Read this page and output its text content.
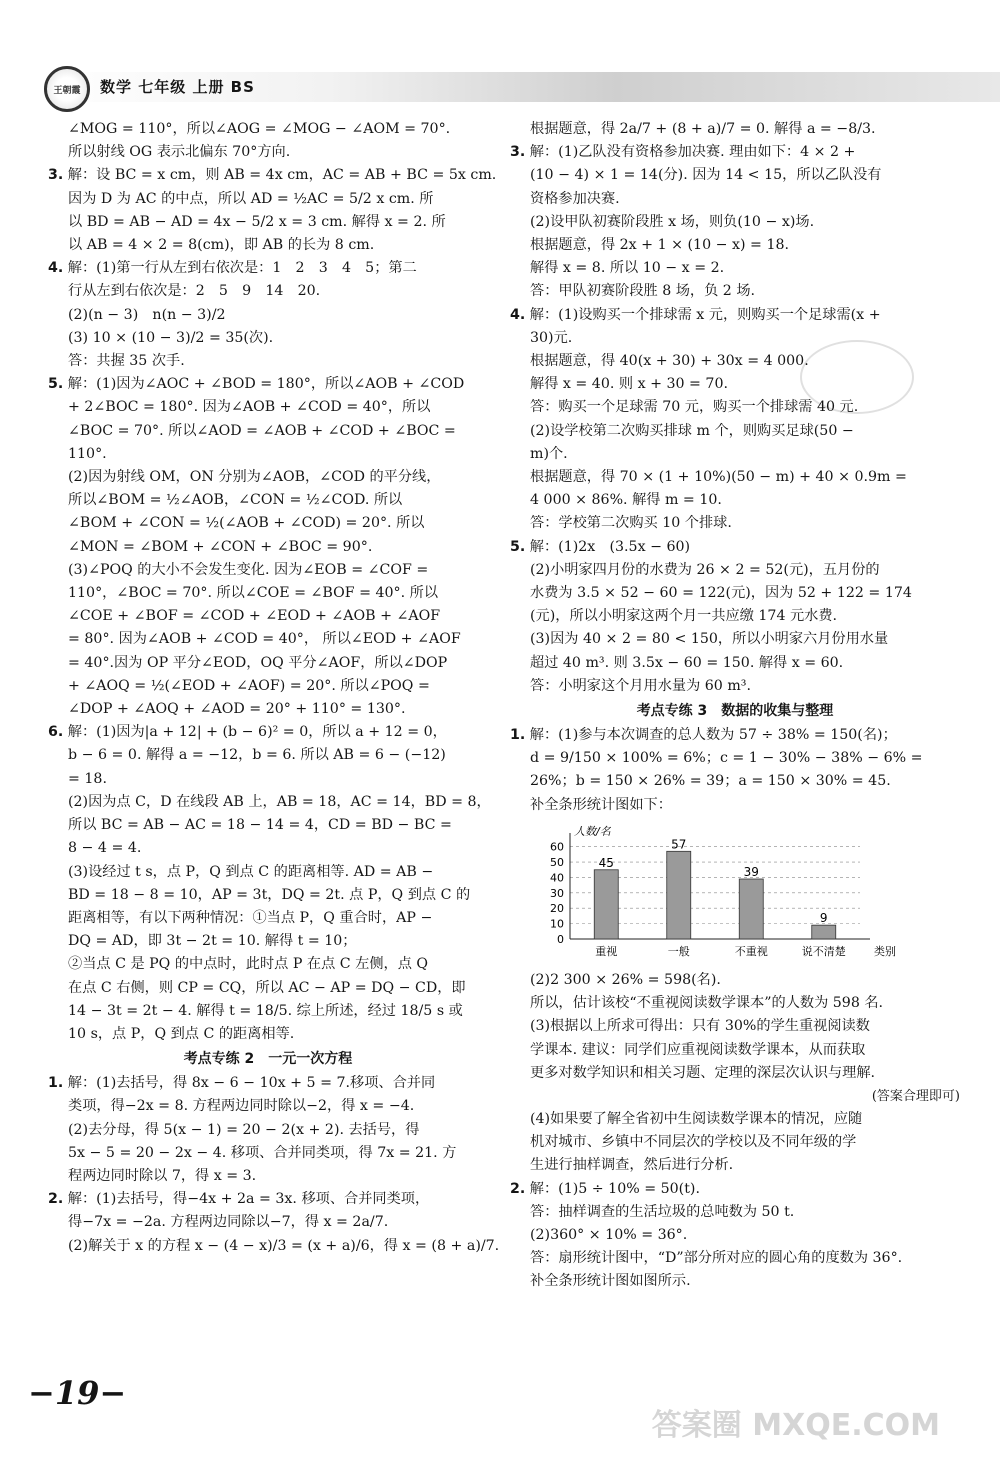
王朝霞 数学 七年级 上册 BS
∠MOG = 110°，所以∠AOG = ∠MOG − ∠AOM = 70°.
所以射线 OG 表示北偏东 70°方向.
3. 解：设 BC = x cm，则 AB = 4x cm，AC = AB + BC = 5x cm.
因为 D 为 AC 的中点，所以 AD = ½AC = 5/2 x cm. 所
以 BD = AB − AD = 4x − 5/2 x = 3 cm. 解得 x = 2. 所
以 AB = 4 × 2 = 8(cm)，即 AB 的长为 8 cm.
4. 解：(1)第一行从左到右依次是：1　2　3　4　5；第二
行从左到右依次是：2　5　9　14　20.
(2)(n − 3)　n(n − 3)/2
(3) 10 × (10 − 3)/2 = 35(次).
答：共握 35 次手.
5. 解：(1)因为∠AOC + ∠BOD = 180°，所以∠AOB + ∠COD
+ 2∠BOC = 180°. 因为∠AOB + ∠COD = 40°，所以
∠BOC = 70°. 所以∠AOD = ∠AOB + ∠COD + ∠BOC =
110°.
(2)因为射线 OM，ON 分别为∠AOB，∠COD 的平分线，
所以∠BOM = ½∠AOB，∠CON = ½∠COD. 所以
∠BOM + ∠CON = ½(∠AOB + ∠COD) = 20°. 所以
∠MON = ∠BOM + ∠CON + ∠BOC = 90°.
(3)∠POQ 的大小不会发生变化. 因为∠EOB = ∠COF =
110°，∠BOC = 70°. 所以∠COE = ∠BOF = 40°. 所以
∠COE + ∠BOF = ∠COD + ∠EOD + ∠AOB + ∠AOF
= 80°. 因为∠AOB + ∠COD = 40°， 所以∠EOD + ∠AOF
= 40°.因为 OP 平分∠EOD，OQ 平分∠AOF，所以∠DOP
+ ∠AOQ = ½(∠EOD + ∠AOF) = 20°. 所以∠POQ =
∠DOP + ∠AOQ + ∠AOD = 20° + 110° = 130°.
6. 解：(1)因为|a + 12| + (b − 6)² = 0，所以 a + 12 = 0，
b − 6 = 0. 解得 a = −12，b = 6. 所以 AB = 6 − (−12)
= 18.
(2)因为点 C，D 在线段 AB 上，AB = 18，AC = 14，BD = 8，
所以 BC = AB − AC = 18 − 14 = 4，CD = BD − BC =
8 − 4 = 4.
(3)设经过 t s，点 P，Q 到点 C 的距离相等. AD = AB −
BD = 18 − 8 = 10，AP = 3t，DQ = 2t. 点 P，Q 到点 C 的
距离相等，有以下两种情况：①当点 P，Q 重合时，AP −
DQ = AD，即 3t − 2t = 10. 解得 t = 10；
②当点 C 是 PQ 的中点时，此时点 P 在点 C 左侧，点 Q
在点 C 右侧，则 CP = CQ，所以 AC − AP = DQ − CD，即
14 − 3t = 2t − 4. 解得 t = 18/5. 综上所述，经过 18/5 s 或
10 s，点 P，Q 到点 C 的距离相等.
考点专练 2　一元一次方程
1. 解：(1)去括号，得 8x − 6 − 10x + 5 = 7.移项、合并同
类项，得−2x = 8. 方程两边同时除以−2，得 x = −4.
(2)去分母，得 5(x − 1) = 20 − 2(x + 2). 去括号，得
5x − 5 = 20 − 2x − 4. 移项、合并同类项，得 7x = 21. 方
程两边同时除以 7，得 x = 3.
2. 解：(1)去括号，得−4x + 2a = 3x. 移项、合并同类项，
得−7x = −2a. 方程两边同除以−7，得 x = 2a/7.
(2)解关于 x 的方程 x − (4 − x)/3 = (x + a)/6，得 x = (8 + a)/7.
根据题意，得 2a/7 + (8 + a)/7 = 0. 解得 a = −8/3.
3. 解：(1)乙队没有资格参加决赛. 理由如下：4 × 2 +
(10 − 4) × 1 = 14(分). 因为 14 < 15，所以乙队没有
资格参加决赛.
(2)设甲队初赛阶段胜 x 场，则负(10 − x)场.
根据题意，得 2x + 1 × (10 − x) = 18.
解得 x = 8. 所以 10 − x = 2.
答：甲队初赛阶段胜 8 场，负 2 场.
4. 解：(1)设购买一个排球需 x 元，则购买一个足球需(x +
30)元.
根据题意，得 40(x + 30) + 30x = 4 000.
解得 x = 40. 则 x + 30 = 70.
答：购买一个足球需 70 元，购买一个排球需 40 元.
(2)设学校第二次购买排球 m 个，则购买足球(50 −
m)个.
根据题意，得 70 × (1 + 10%)(50 − m) + 40 × 0.9m =
4 000 × 86%. 解得 m = 10.
答：学校第二次购买 10 个排球.
5. 解：(1)2x　(3.5x − 60)
(2)小明家四月份的水费为 26 × 2 = 52(元)，五月份的
水费为 3.5 × 52 − 60 = 122(元)，因为 52 + 122 = 174
(元)，所以小明家这两个月一共应缴 174 元水费.
(3)因为 40 × 2 = 80 < 150，所以小明家六月份用水量
超过 40 m³. 则 3.5x − 60 = 150. 解得 x = 60.
答：小明家这个月用水量为 60 m³.
考点专练 3　数据的收集与整理
1. 解：(1)参与本次调查的总人数为 57 ÷ 38% = 150(名)；
d = 9/150 × 100% = 6%；c = 1 − 30% − 38% − 6% =
26%；b = 150 × 26% = 39；a = 150 × 30% = 45.
补全条形统计图如下：
0
10
20
30
40
50
60
人数/名
类别
45
重视
57
一般
39
不重视
9
说不清楚
(2)2 300 × 26% = 598(名).
所以，估计该校“不重视阅读数学课本”的人数为 598 名.
(3)根据以上所求可得出：只有 30%的学生重视阅读数
学课本. 建议：同学们应重视阅读数学课本，从而获取
更多对数学知识和相关习题、定理的深层次认识与理解.
(答案合理即可)
(4)如果要了解全省初中生阅读数学课本的情况，应随
机对城市、乡镇中不同层次的学校以及不同年级的学
生进行抽样调查，然后进行分析.
2. 解：(1)5 ÷ 10% = 50(t).
答：抽样调查的生活垃圾的总吨数为 50 t.
(2)360° × 10% = 36°.
答：扇形统计图中，“D”部分所对应的圆心角的度数为 36°.
补全条形统计图如图所示.
−19−
答案圈 MXQE.COM
